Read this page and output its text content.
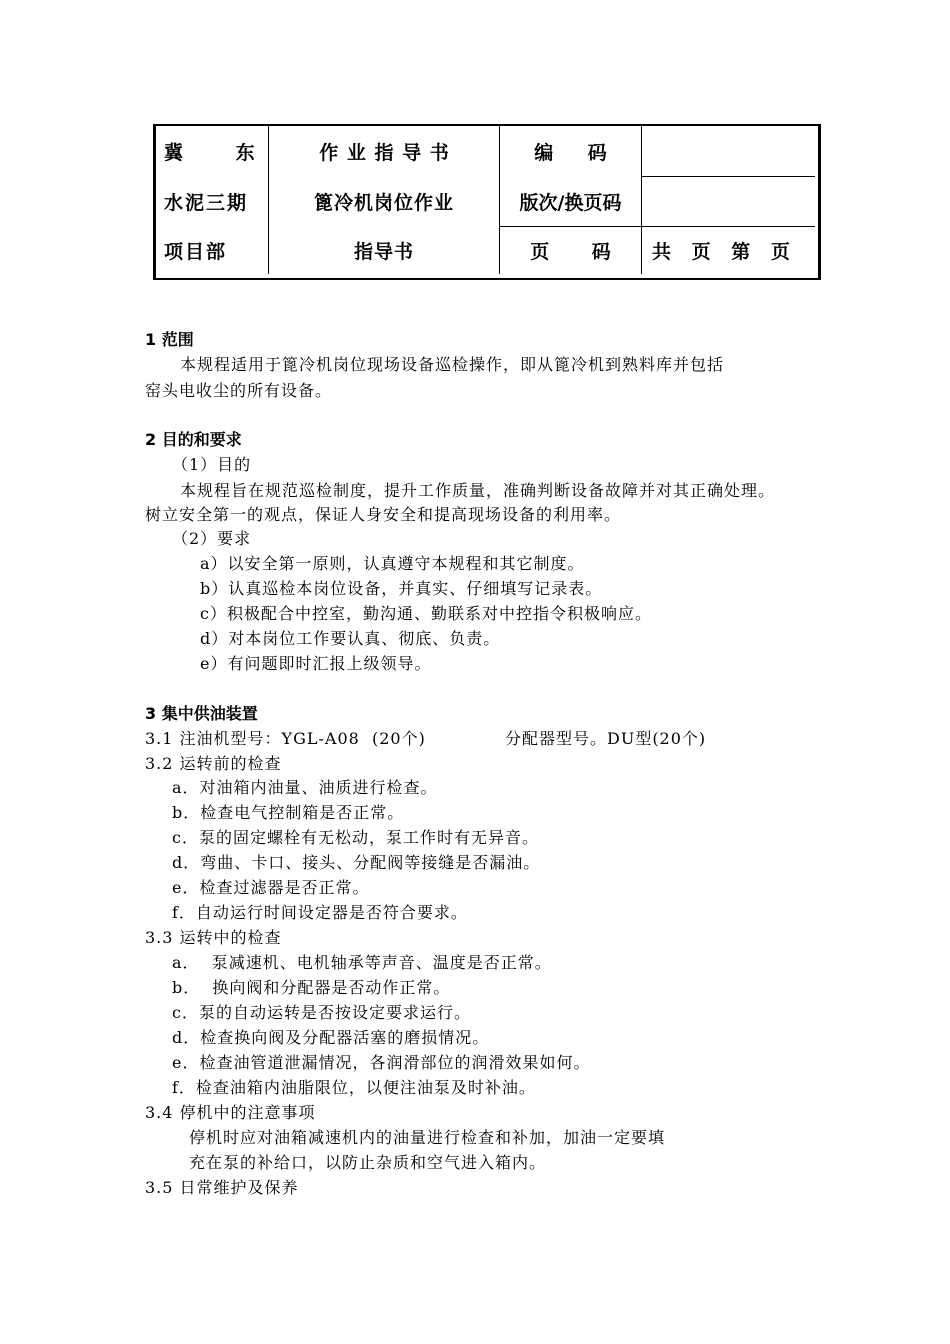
冀 东
水泥三期
项目部
作 业 指 导 书
篦冷机岗位作业
指导书
编 码
版次/换页码
页 码 共 页 第 页
1 范围
本规程适用于篦冷机岗位现场设备巡检操作，即从篦冷机到熟料库并包括
窑头电收尘的所有设备。
2 目的和要求
（1）目的
本规程旨在规范巡检制度，提升工作质量，准确判断设备故障并对其正确处理。
树立安全第一的观点，保证人身安全和提高现场设备的利用率。
（2）要求
a）以安全第一原则，认真遵守本规程和其它制度。
b）认真巡检本岗位设备，并真实、仔细填写记录表。
c）积极配合中控室，勤沟通、勤联系对中控指令积极响应。
d）对本岗位工作要认真、彻底、负责。
e）有问题即时汇报上级领导。
3 集中供油装置
3.1 注油机型号：YGL-A08  (20个)	分配器型号。DU型(20个)
3.2 运转前的检查
a．对油箱内油量、油质进行检查。
b．检查电气控制箱是否正常。
c．泵的固定螺栓有无松动，泵工作时有无异音。
d．弯曲、卡口、接头、分配阀等接缝是否漏油。
e．检查过滤器是否正常。
f．自动运行时间设定器是否符合要求。
3.3 运转中的检查
a．  泵减速机、电机轴承等声音、温度是否正常。
b．  换向阀和分配器是否动作正常。
c．泵的自动运转是否按设定要求运行。
d．检查换向阀及分配器活塞的磨损情况。
e．检查油管道泄漏情况，各润滑部位的润滑效果如何。
f．检查油箱内油脂限位，以便注油泵及时补油。
3.4 停机中的注意事项
停机时应对油箱减速机内的油量进行检查和补加，加油一定要填
充在泵的补给口，以防止杂质和空气进入箱内。
3.5 日常维护及保养
